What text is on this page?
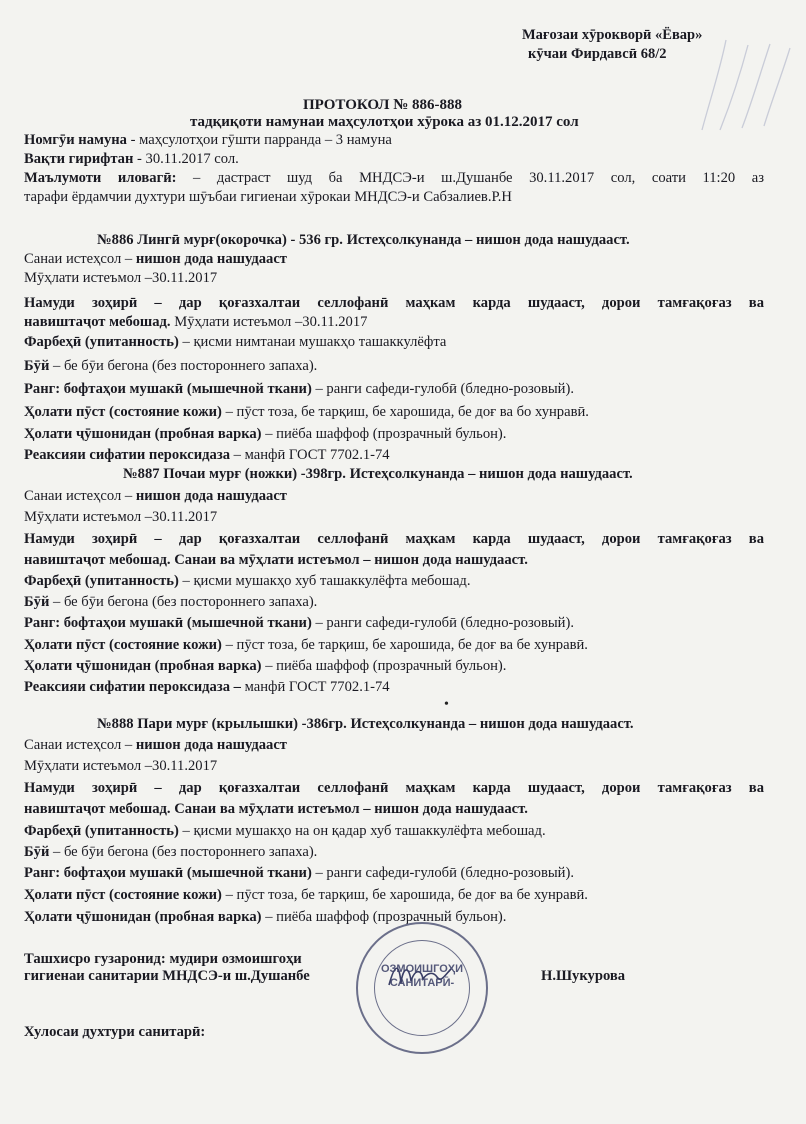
Мағозаи хӯрокворӣ «Ёвар»
кӯчаи Фирдавсӣ 68/2
ПРОТОКОЛ № 886-888
тадқиқоти намунаи маҳсулотҳои хӯрока аз 01.12.2017 сол
Номгӯи намуна - маҳсулотҳои гӯшти парранда – 3 намуна
Вақти гирифтан - 30.11.2017 сол.
Маълумоти иловагӣ: – дастраст шуд ба МНДСЭ-и ш.Душанбе 30.11.2017 сол, соати 11:20 аз
тарафи ёрдамчии духтури шӯъбаи гигиенаи хӯрокаи МНДСЭ-и Сабзалиев.Р.Н
№886 Лингӣ мурғ(окорочка) - 536 гр. Истеҳсолкунанда – нишон дода нашудааст.
Санаи истеҳсол – нишон дода нашудааст
Мӯҳлати истеъмол –30.11.2017
Намуди зоҳирӣ – дар қоғазхалтаи селлофанӣ маҳкам карда шудааст, дорои тамғақоғаз ва
навиштаҷот мебошад. Мӯҳлати истеъмол –30.11.2017
Фарбеҳӣ (упитанность) – қисми нимтанаи мушакҳо ташаккулёфта
Бӯй – бе бӯи бегона (без постороннего запаха).
Ранг: бофтаҳои мушакӣ (мышечной ткани) – ранги сафеди-гулобӣ (бледно-розовый).
Ҳолати пӯст (состояние кожи) – пӯст тоза, бе тарқиш, бе харошида, бе доғ ва бо хунравӣ.
Ҳолати ҷӯшонидан (пробная варка) – пиёба шаффоф (прозрачный бульон).
Реаксияи сифатии пероксидаза – манфӣ ГОСТ 7702.1-74
№887 Почаи мурғ (ножки) -398гр. Истеҳсолкунанда – нишон дода нашудааст.
Санаи истеҳсол – нишон дода нашудааст
Мӯҳлати истеъмол –30.11.2017
Намуди зоҳирӣ – дар қоғазхалтаи селлофанӣ маҳкам карда шудааст, дорои тамғақоғаз ва
навиштаҷот мебошад. Санаи ва мӯҳлати истеъмол – нишон дода нашудааст.
Фарбеҳӣ (упитанность) – қисми мушакҳо хуб ташаккулёфта мебошад.
Бӯй – бе бӯи бегона (без постороннего запаха).
Ранг: бофтаҳои мушакӣ (мышечной ткани) – ранги сафеди-гулобӣ (бледно-розовый).
Ҳолати пӯст (состояние кожи) – пӯст тоза, бе тарқиш, бе харошида, бе доғ ва бе хунравӣ.
Ҳолати ҷӯшонидан (пробная варка) – пиёба шаффоф (прозрачный бульон).
Реаксияи сифатии пероксидаза – манфӣ ГОСТ 7702.1-74
•
№888 Пари мурғ (крылышки) -386гр. Истеҳсолкунанда – нишон дода нашудааст.
Санаи истеҳсол – нишон дода нашудааст
Мӯҳлати истеъмол –30.11.2017
Намуди зоҳирӣ – дар қоғазхалтаи селлофанӣ маҳкам карда шудааст, дорои тамғақоғаз ва
навиштаҷот мебошад. Санаи ва мӯҳлати истеъмол – нишон дода нашудааст.
Фарбеҳӣ (упитанность) – қисми мушакҳо на он қадар хуб ташаккулёфта мебошад.
Бӯй – бе бӯи бегона (без постороннего запаха).
Ранг: бофтаҳои мушакӣ (мышечной ткани) – ранги сафеди-гулобӣ (бледно-розовый).
Ҳолати пӯст (состояние кожи) – пӯст тоза, бе тарқиш, бе харошида, бе доғ ва бе хунравӣ.
Ҳолати ҷӯшонидан (пробная варка) – пиёба шаффоф (прозрачный бульон).
ОЗМОИШГОҲИ
САНИТАРӢ-
Ташхисро гузаронид: мудири озмоишгоҳи
гигиенаи санитарии МНДСЭ-и ш.Душанбе	Н.Шукурова
Хулосаи духтури санитарӣ:
